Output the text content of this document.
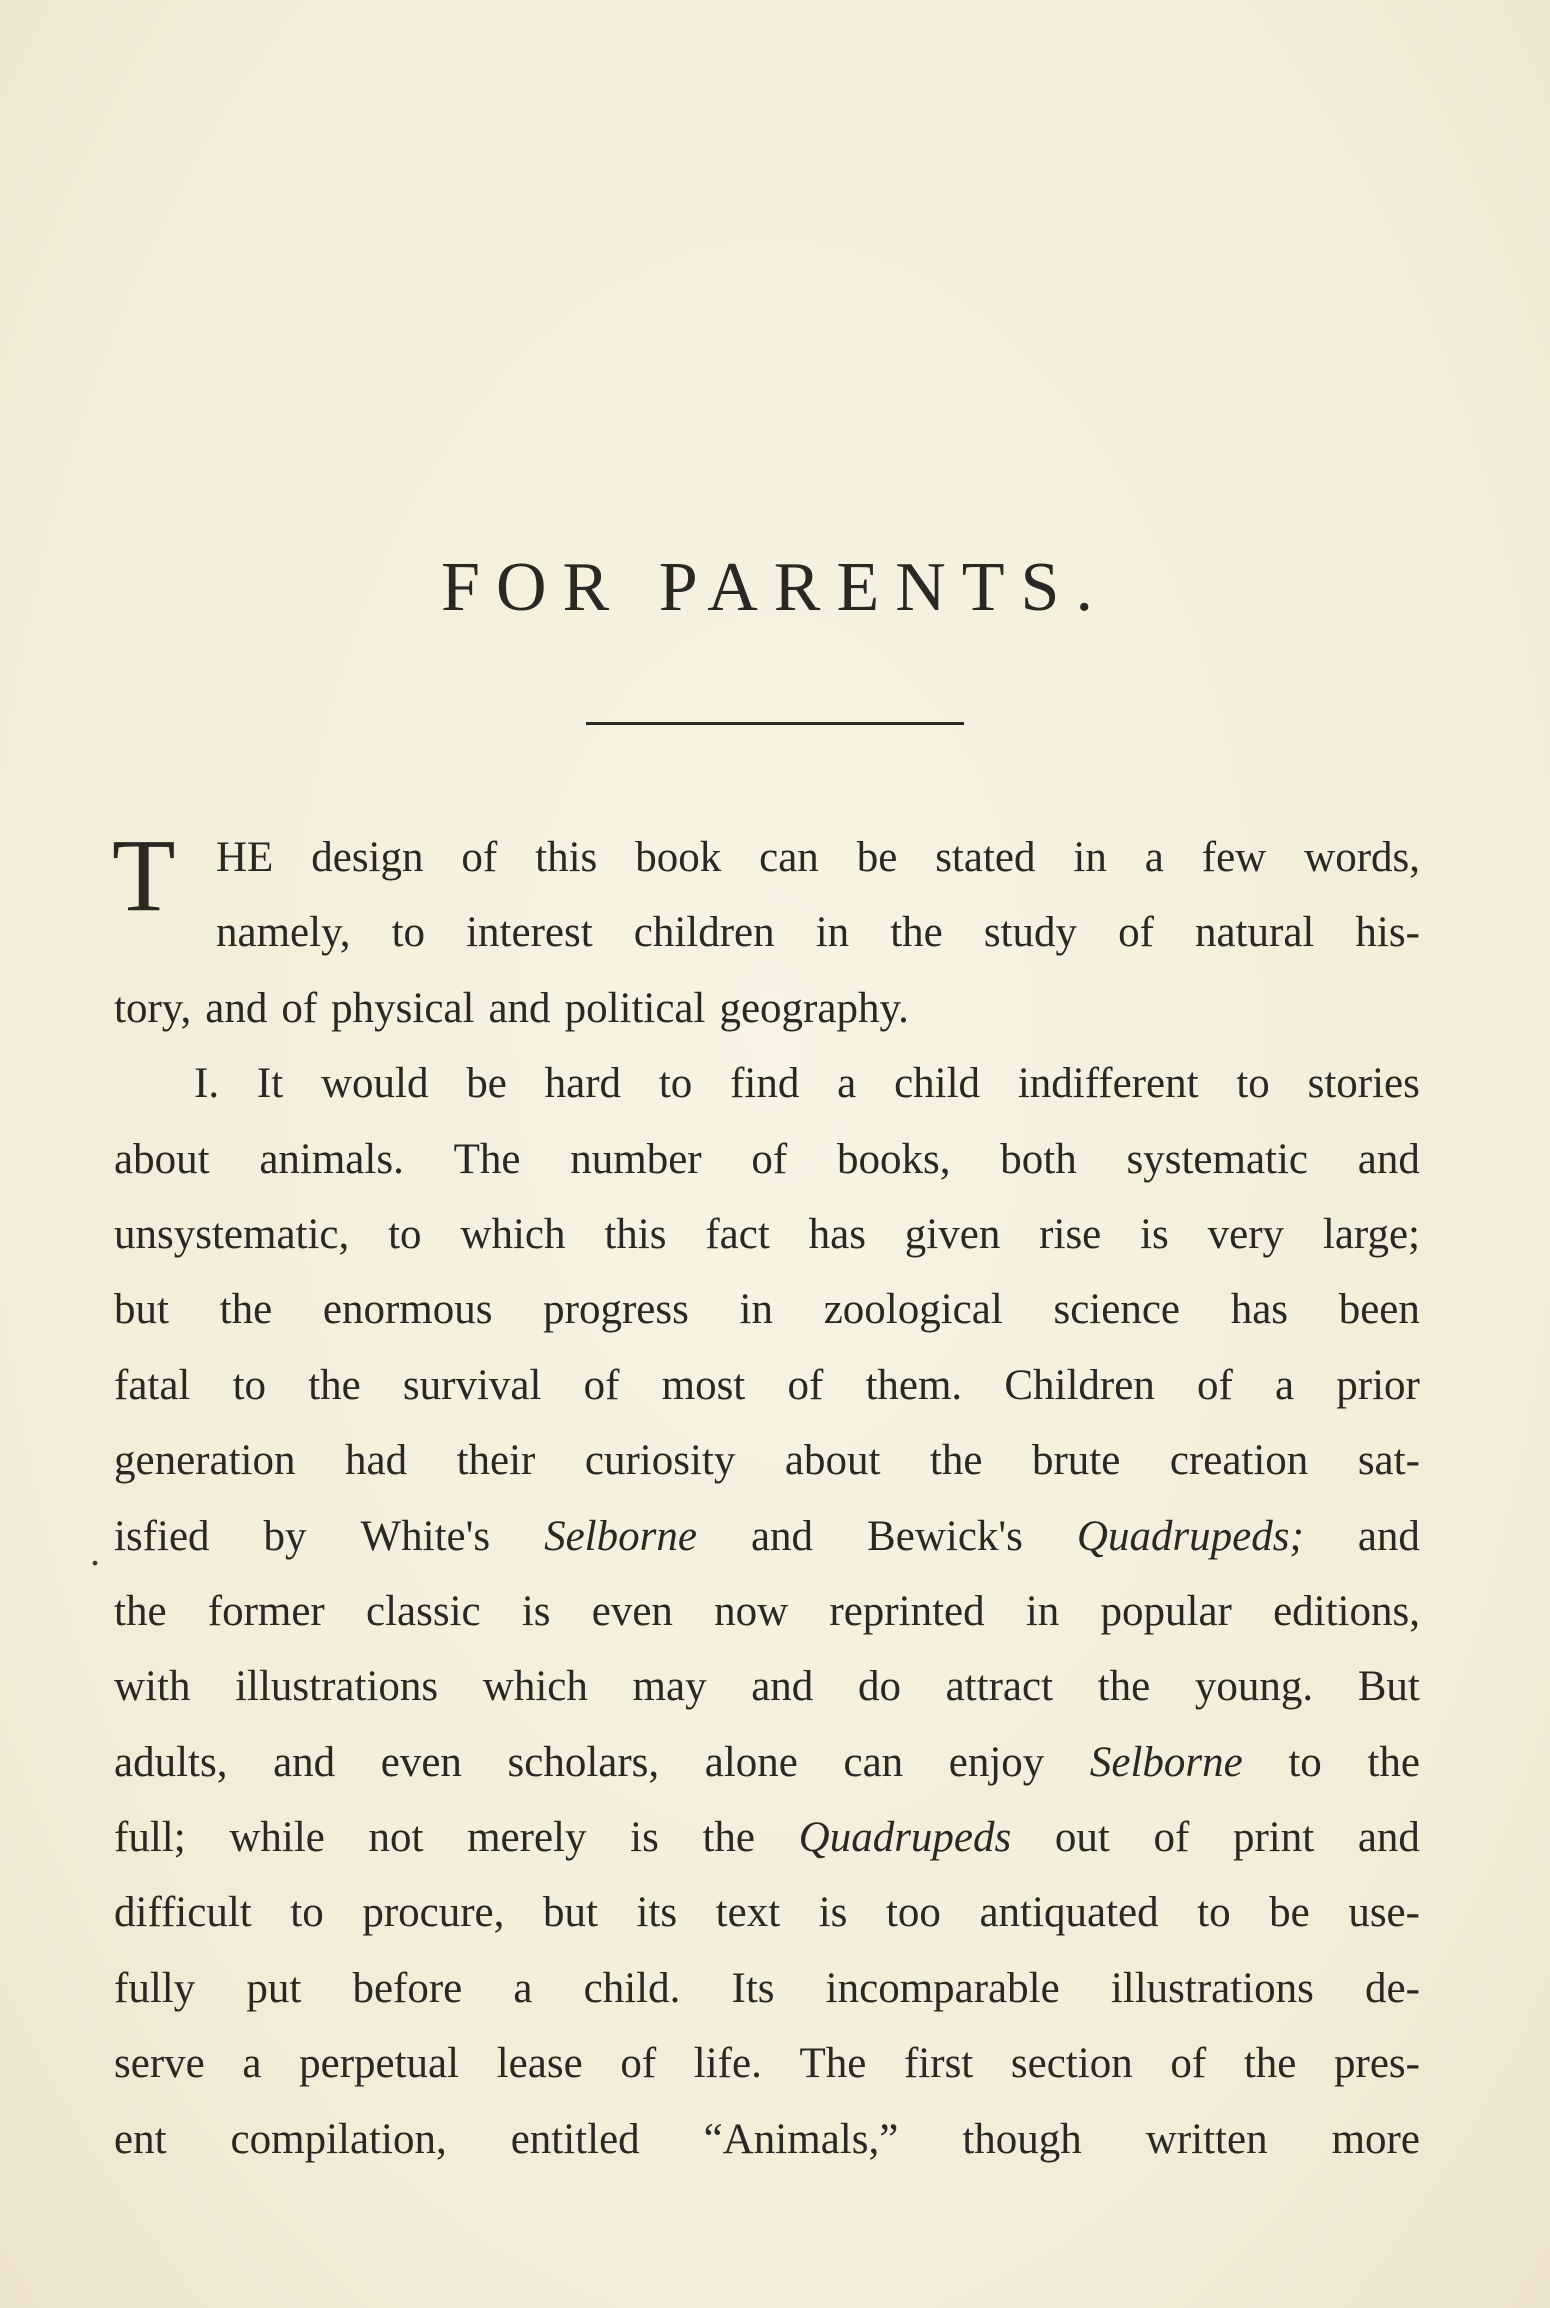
FOR PARENTS.
T
.
HE design of this book can be stated in a few words,
namely, to interest children in the study of natural his-
tory, and of physical and political geography.
I. It would be hard to find a child indifferent to stories
about animals. The number of books, both systematic and
unsystematic, to which this fact has given rise is very large;
but the enormous progress in zoological science has been
fatal to the survival of most of them. Children of a prior
generation had their curiosity about the brute creation sat-
isfied by White's Selborne and Bewick's Quadrupeds; and
the former classic is even now reprinted in popular editions,
with illustrations which may and do attract the young. But
adults, and even scholars, alone can enjoy Selborne to the
full; while not merely is the Quadrupeds out of print and
difficult to procure, but its text is too antiquated to be use-
fully put before a child. Its incomparable illustrations de-
serve a perpetual lease of life. The first section of the pres-
ent compilation, entitled “Animals,” though written more
